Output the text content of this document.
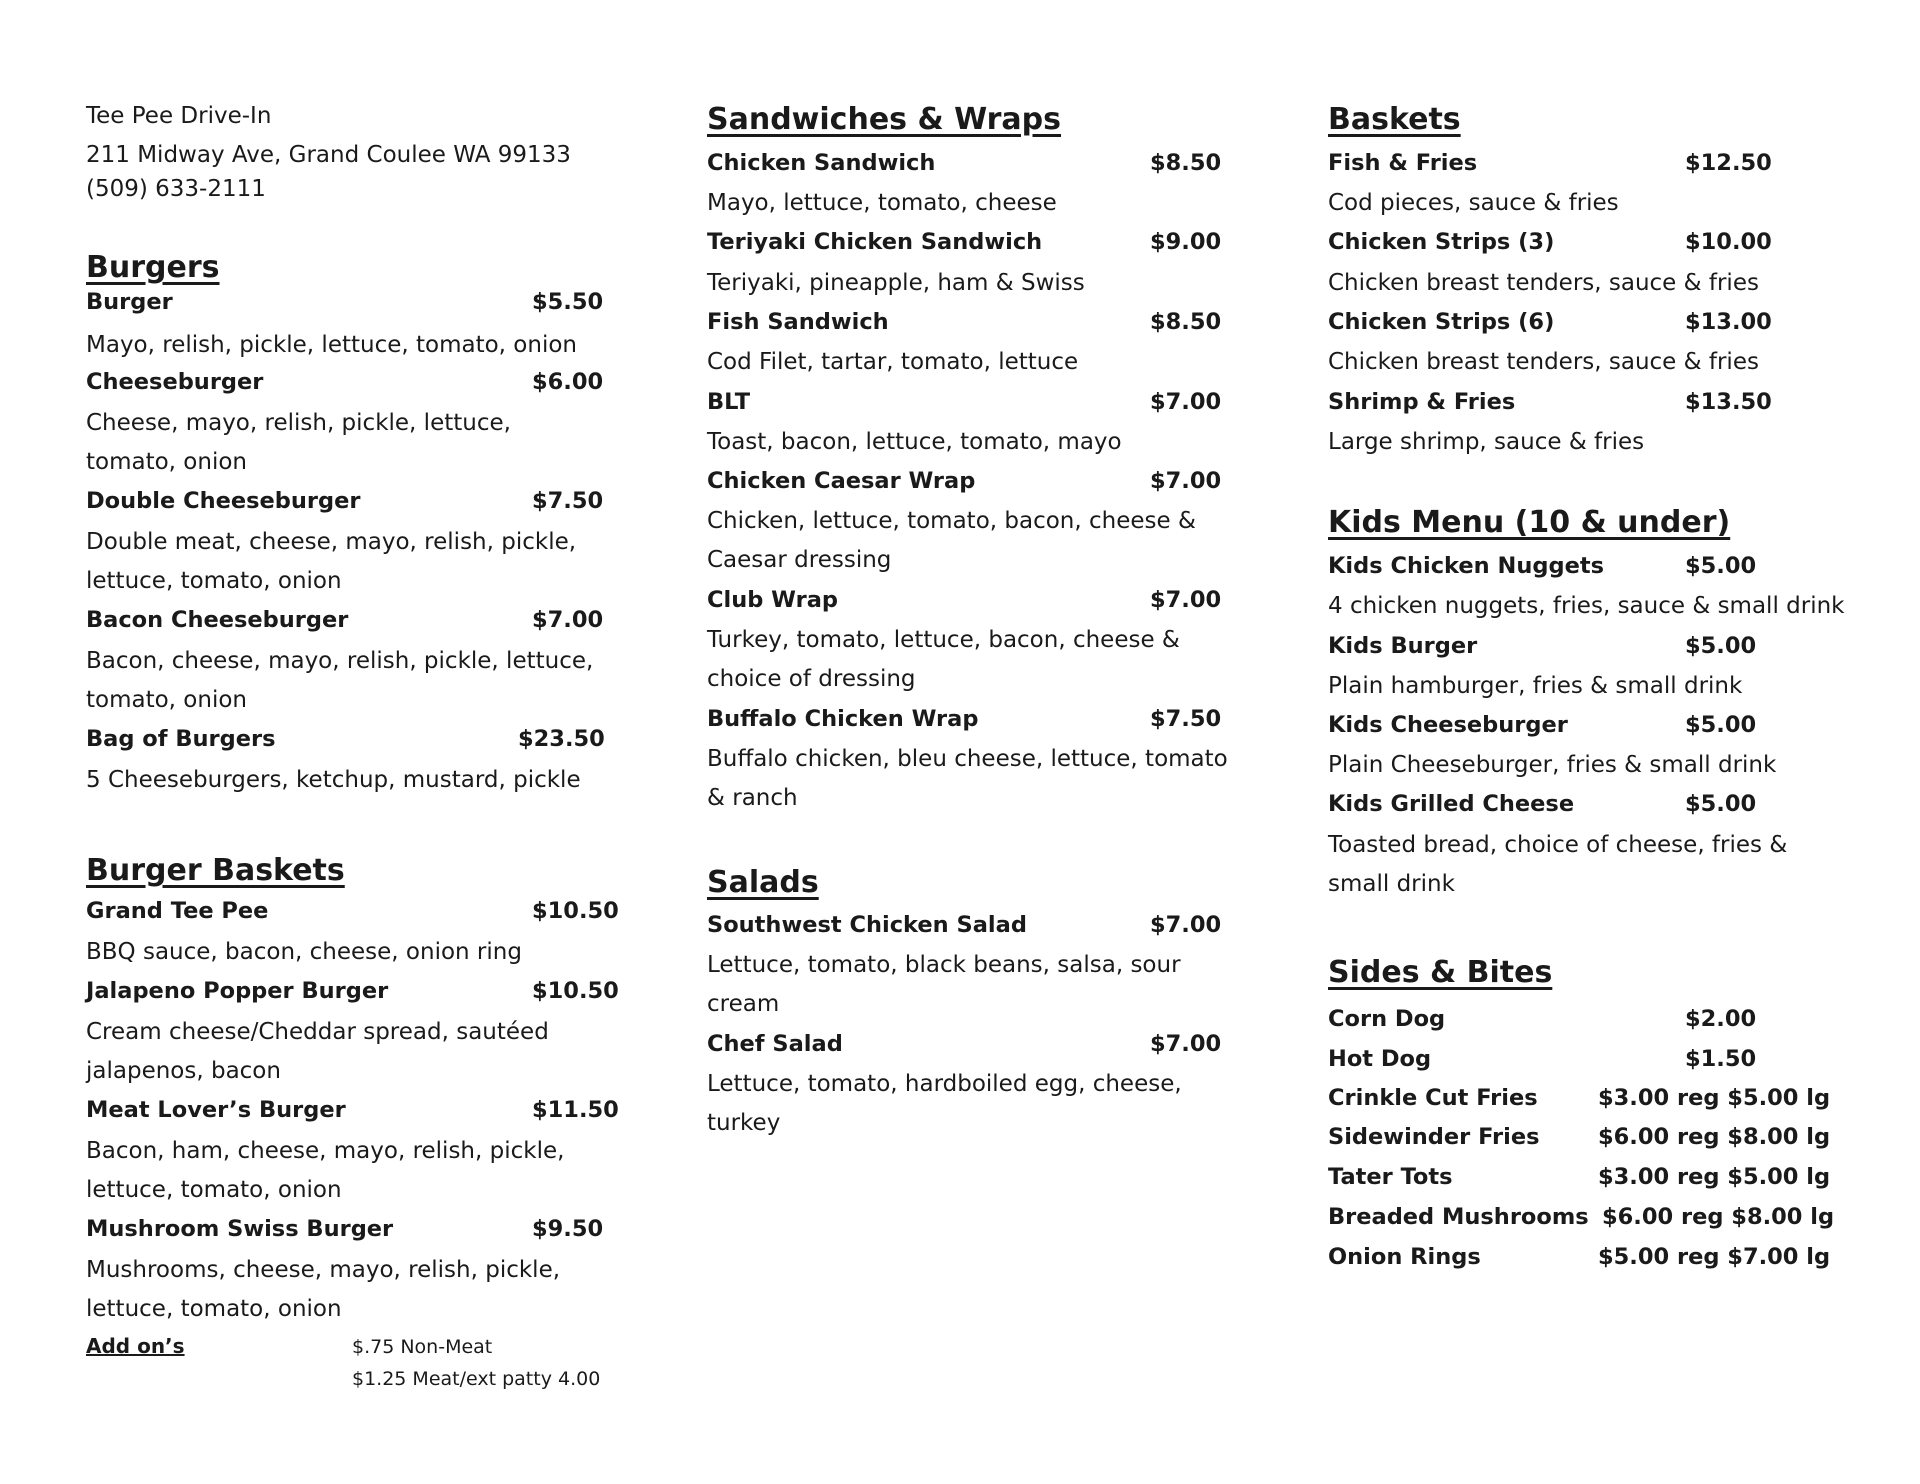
Tee Pee Drive-In
211 Midway Ave, Grand Coulee WA 99133
(509) 633-2111
Burgers
Burger	$5.50
Mayo, relish, pickle, lettuce, tomato, onion
Cheeseburger	$6.00
Cheese, mayo, relish, pickle, lettuce, tomato, onion
Double Cheeseburger	$7.50
Double meat, cheese, mayo, relish, pickle, lettuce, tomato, onion
Bacon Cheeseburger	$7.00
Bacon, cheese, mayo, relish, pickle, lettuce, tomato, onion
Bag of Burgers	$23.50
5 Cheeseburgers, ketchup, mustard, pickle
Burger Baskets
Grand Tee Pee	$10.50
BBQ sauce, bacon, cheese, onion ring
Jalapeno Popper Burger	$10.50
Cream cheese/Cheddar spread, sautéed jalapenos, bacon
Meat Lover’s Burger	$11.50
Bacon, ham, cheese, mayo, relish, pickle, lettuce, tomato, onion
Mushroom Swiss Burger	$9.50
Mushrooms, cheese, mayo, relish, pickle, lettuce, tomato, onion
Add on’s	$.75 Non-Meat
$1.25 Meat/ext patty 4.00
Sandwiches & Wraps
Chicken Sandwich	$8.50
Mayo, lettuce, tomato, cheese
Teriyaki Chicken Sandwich	$9.00
Teriyaki, pineapple, ham & Swiss
Fish Sandwich	$8.50
Cod Filet, tartar, tomato, lettuce
BLT	$7.00
Toast, bacon, lettuce, tomato, mayo
Chicken Caesar Wrap	$7.00
Chicken, lettuce, tomato, bacon, cheese & Caesar dressing
Club Wrap	$7.00
Turkey, tomato, lettuce, bacon, cheese & choice of dressing
Buffalo Chicken Wrap	$7.50
Buffalo chicken, bleu cheese, lettuce, tomato & ranch
Salads
Southwest Chicken Salad	$7.00
Lettuce, tomato, black beans, salsa, sour cream
Chef Salad	$7.00
Lettuce, tomato, hardboiled egg, cheese, turkey
Baskets
Fish & Fries	$12.50
Cod pieces, sauce & fries
Chicken Strips (3)	$10.00
Chicken breast tenders, sauce & fries
Chicken Strips (6)	$13.00
Chicken breast tenders, sauce & fries
Shrimp & Fries	$13.50
Large shrimp, sauce & fries
Kids Menu (10 & under)
Kids Chicken Nuggets	$5.00
4 chicken nuggets, fries, sauce & small drink
Kids Burger	$5.00
Plain hamburger, fries & small drink
Kids Cheeseburger	$5.00
Plain Cheeseburger, fries & small drink
Kids Grilled Cheese	$5.00
Toasted bread, choice of cheese, fries & small drink
Sides & Bites
Corn Dog	$2.00
Hot Dog	$1.50
Crinkle Cut Fries	$3.00 reg $5.00 lg
Sidewinder Fries	$6.00 reg $8.00 lg
Tater Tots	$3.00 reg $5.00 lg
Breaded Mushrooms $6.00 reg $8.00 lg
Onion Rings	$5.00 reg $7.00 lg
